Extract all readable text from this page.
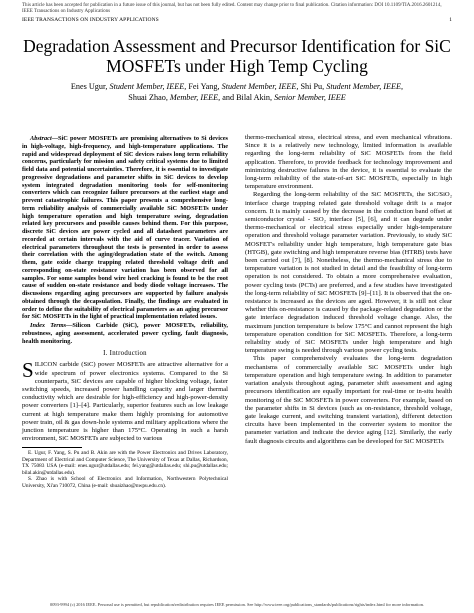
This article has been accepted for publication in a future issue of this journal, but has not been fully edited. Content may change prior to final publication. Citation information: DOI 10.1109/TIA.2016.2601214, IEEE Transactions on Industry Applications
IEEE TRANSACTIONS ON INDUSTRY APPLICATIONS	1
Degradation Assessment and Precursor Identification for SiC MOSFETs under High Temp Cycling
Enes Ugur, Student Member, IEEE, Fei Yang, Student Member, IEEE, Shi Pu, Student Member, IEEE,
Shuai Zhao, Member, IEEE, and Bilal Akin, Senior Member, IEEE

Abstract—SiC power MOSFETs are promising alternatives to Si devices in high-voltage, high-frequency, and high-temperature applications. The rapid and widespread deployment of SiC devices raises long term reliability concerns, particularly for mission and safety critical systems due to limited field data and potential uncertainties. Therefore, it is essential to investigate progressive degradations and parameter shifts in SiC devices to develop system integrated degradation monitoring tools for self-monitoring converters which can recognize failure precursors at the earliest stage and prevent catastrophic failures. This paper presents a comprehensive long-term reliability analysis of commercially available SiC MOSFETs under high temperature operation and high temperature swing, degradation related key precursors and possible causes behind them. For this purpose, discrete SiC devices are power cycled and all datasheet parameters are recorded at certain intervals with the aid of curve tracer. Variation of electrical parameters throughout the tests is presented in order to assess their correlation with the aging/degradation state of the switch. Among them, gate oxide charge trapping related threshold voltage drift and corresponding on-state resistance variation has been observed for all samples. For some samples bond wire heel cracking is found to be the root cause of sudden on-state resistance and body diode voltage increases. The discussions regarding aging precursors are supported by failure analysis obtained through the decapsulation. Finally, the findings are evaluated in order to define the suitability of electrical parameters as an aging precursor for SiC MOSFETs in the light of practical implementation related issues.

Index Terms—Silicon Carbide (SiC), power MOSFETs, reliability, robustness, aging assessment, accelerated power cycling, fault diagnosis, health monitoring.

I. Introduction

SILICON carbide (SiC) power MOSFETs are attractive alternative for a wide spectrum of power electronics systems. Compared to the Si counterparts, SiC devices are capable of higher blocking voltage, faster switching speeds, increased power handling capacity and larger thermal conductivity which are desirable for high-efficiency and high-power-density power converters [1]–[4]. Particularly, superior features such as low leakage current at high temperature make them highly promising for automotive power train, oil & gas down-hole systems and military applications where the junction temperature is higher than 175°C. Operating in such a harsh environment, SiC MOSFETs are subjected to various

E. Ugur, F. Yang, S. Pu and B. Akin are with the Power Electronics and Drives Laboratory, Department of Electrical and Computer Science, The University of Texas at Dallas, Richardson, TX 75083 USA (e-mail: enes.ugur@utdallas.edu; fei.yang@utdallas.edu; shi.pu@utdallas.edu; bilal.akin@utdallas.edu).

S. Zhao is with School of Electronics and Information, Northwestern Polytechnical University, Xi'an 710072, China (e-mail: shuaizhao@nwpu.edu.cn).

thermo-mechanical stress, electrical stress, and even mechanical vibrations. Since it is a relatively new technology, limited information is available regarding the long-term reliability of SiC MOSFETs from the field application. Therefore, to provide feedback for technology improvement and minimizing destructive failures in the device, it is essential to evaluate the long-term reliability of the state-of-art SiC MOSFETs, especially in high temperature environment.

Regarding the long-term reliability of the SiC MOSFETs, the SiC/SiO₂ interface charge trapping related gate threshold voltage drift is a major concern. It is mainly caused by the decrease in the conduction band offset at semiconductor crystal - SiO₂ interface [5], [6], and it can degrade under thermo-mechanical or electrical stress especially under high-temperature operation and threshold voltage parameter variation. Previously, to study SiC MOSFET's reliability under high temperature, high temperature gate bias (HTGB), gate switching and high temperature reverse bias (HTRB) tests have been carried out [7], [8]. Nonetheless, the thermo-mechanical stress due to temperature variation is not studied in detail and the feasibility of long-term operation is not considered. To obtain a more comprehensive evaluation, power cycling tests (PCTs) are preferred, and a few studies have investigated the long-term reliability of SiC MOSFETs [9]–[11]. It is observed that the on-resistance is increased as the devices are aged. However, it is still not clear whether this on-resistance is caused by the package-related degradation or the gate interface degradation induced threshold voltage change. Also, the maximum junction temperature is below 175°C and cannot represent the high temperature operation condition for SiC MOSFETs. Therefore, a long-term reliability study of SiC MOSFETs under high temperature and high temperature swing is needed through various power cycling tests.

This paper comprehensively evaluates the long-term degradation mechanisms of commercially available SiC MOSFETs under high temperature operation and high temperature swing. In addition to parameter variation analysis throughout aging, parameter shift assessment and aging precursors identification are equally important for real-time or in-situ health monitoring of the SiC MOSFETs in power converters. For example, based on the parameter shifts in Si devices (such as on-resistance, threshold voltage, gate leakage current, and switching transient variation), different detection circuits have been implemented in the converter system to monitor the parameter variation and indicate the device aging [12]. Similarly, the early fault diagnosis circuits and algorithms can be developed for SiC MOSFETs

0093-9994 (c) 2016 IEEE. Personal use is permitted, but republication/redistribution requires IEEE permission. See http://www.ieee.org/publications_standards/publications/rights/index.html for more information.
